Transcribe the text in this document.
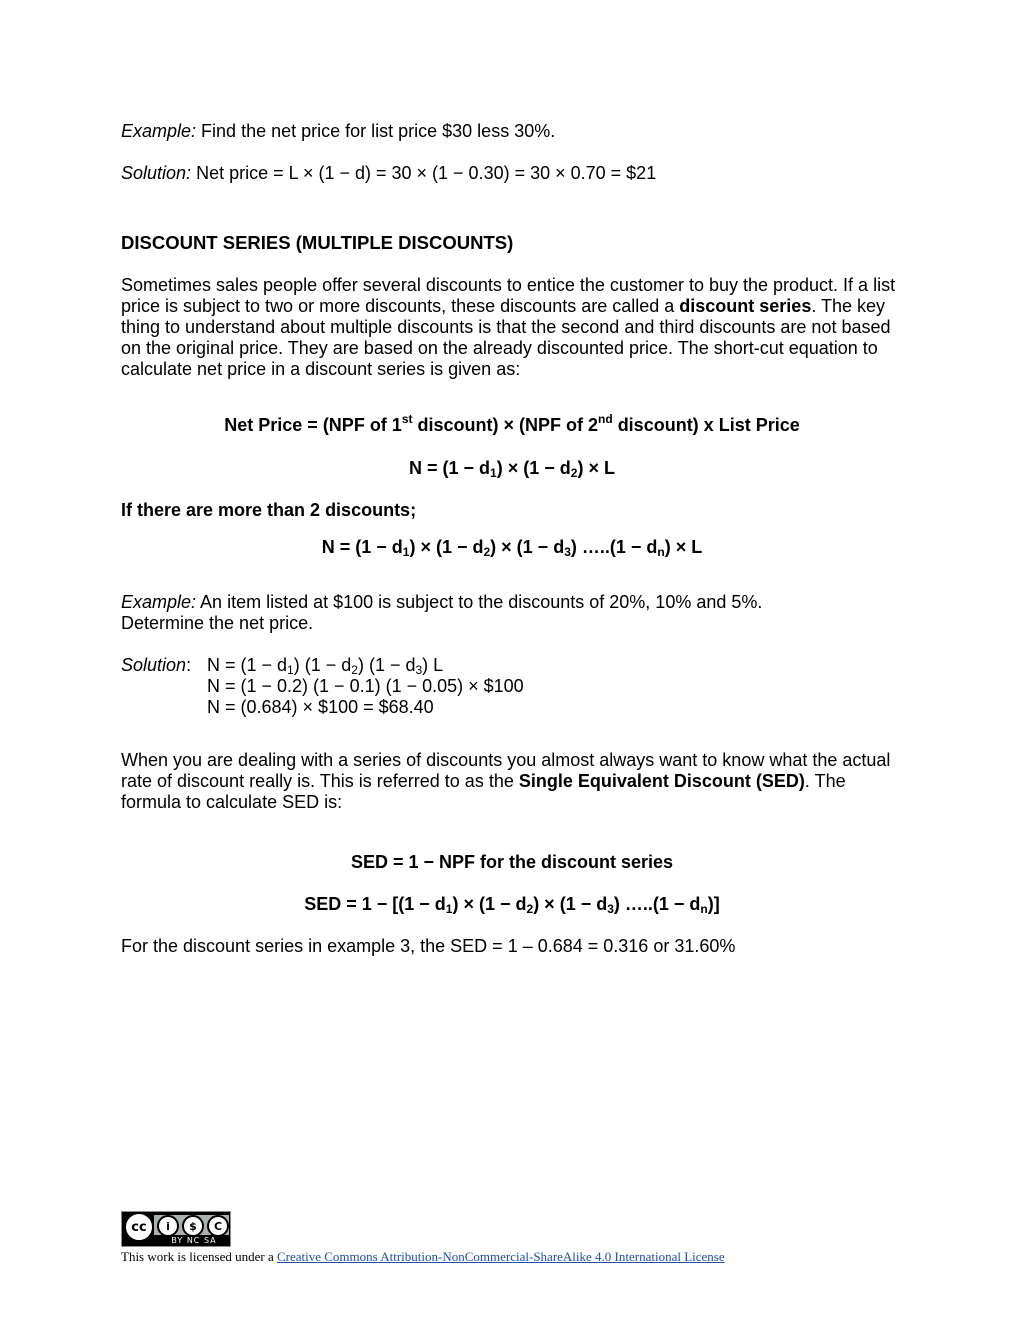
Example: Find the net price for list price $30 less 30%.
Solution: Net price = L × (1 − d) = 30 × (1 − 0.30) = 30 × 0.70 = $21
DISCOUNT SERIES (MULTIPLE DISCOUNTS)
Sometimes sales people offer several discounts to entice the customer to buy the product. If a list price is subject to two or more discounts, these discounts are called a discount series. The key thing to understand about multiple discounts is that the second and third discounts are not based on the original price. They are based on the already discounted price. The short-cut equation to calculate net price in a discount series is given as:
Net Price = (NPF of 1st discount) × (NPF of 2nd discount) x List Price
$N = (1 - d_1) \times (1 - d_2) \times L$
If there are more than 2 discounts;
$N = (1 - d_1) \times (1 - d_2) \times (1 - d_3)$ …..(1 − $d_n) \times L$
Example: An item listed at $100 is subject to the discounts of 20%, 10% and 5%.
Determine the net price.
Solution: $N = (1 - d_1)$ $(1 - d_2)$ $(1 - d_3)$ L
N = (1 − 0.2) (1 − 0.1) (1 − 0.05) × $100
N = (0.684) × $100 = $68.40
When you are dealing with a series of discounts you almost always want to know what the actual rate of discount really is. This is referred to as the Single Equivalent Discount (SED). The formula to calculate SED is:
SED = 1 − NPF for the discount series
SED = $1 - [(1 - d_1) \times (1 - d_2) \times (1 - d_3)$ …..(1 − $d_n$)]
For the discount series in example 3, the SED = 1 – 0.684 = 0.316 or 31.60%
cc	i	$	C
BY NC SA
This work is licensed under a Creative Commons Attribution-NonCommercial-ShareAlike 4.0 International License
